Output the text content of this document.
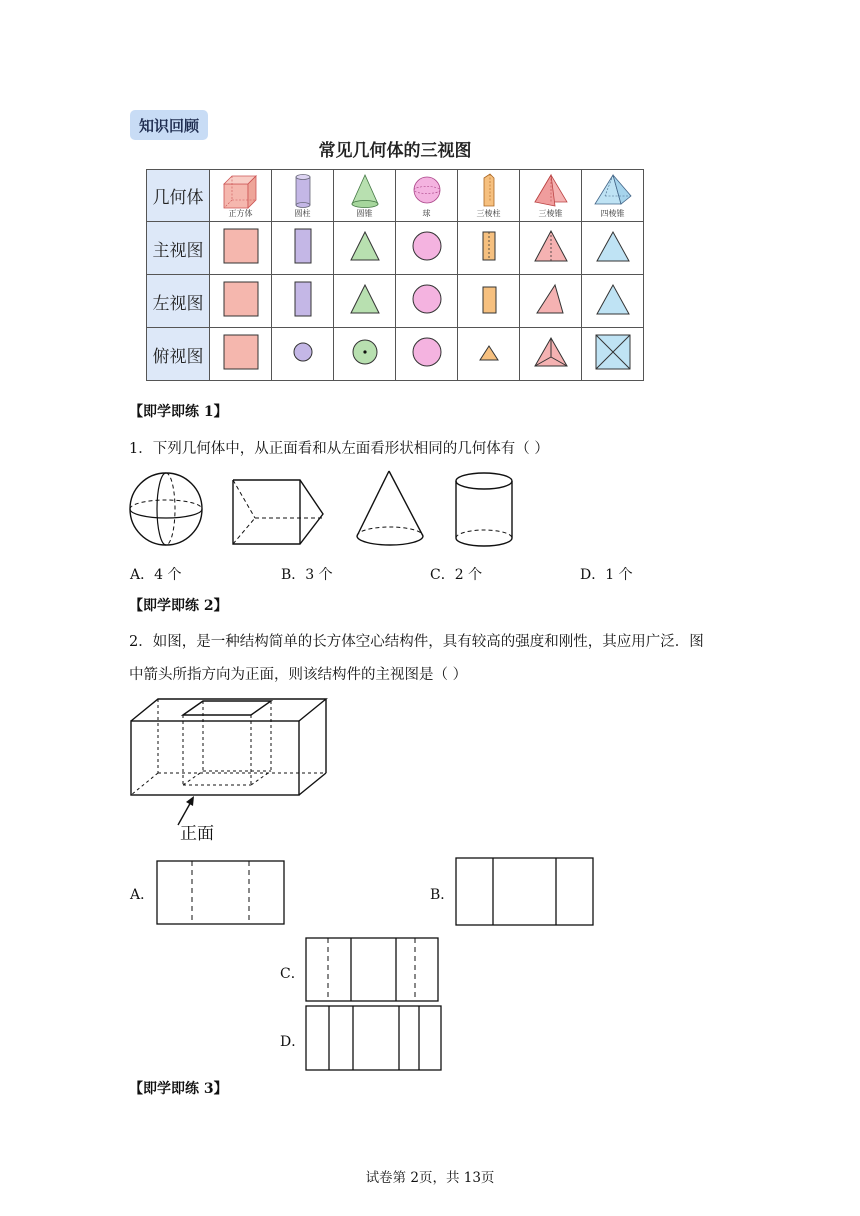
知识回顾
常见几何体的三视图
几何体	正方体	圆柱	圆锥	球	三棱柱	三棱锥	四棱锥

主视图							
左视图							
俯视图							
【即学即练 1】
1．下列几何体中，从正面看和从左面看形状相同的几何体有（ ）
A．4 个	B．3 个	C．2 个	D．1 个
【即学即练 2】
2．如图，是一种结构简单的长方体空心结构件，具有较高的强度和刚性，其应用广泛．图
中箭头所指方向为正面，则该结构件的主视图是（ ）
正面
A．	B．
C．
D．
【即学即练 3】
试卷第 2页，共 13页
